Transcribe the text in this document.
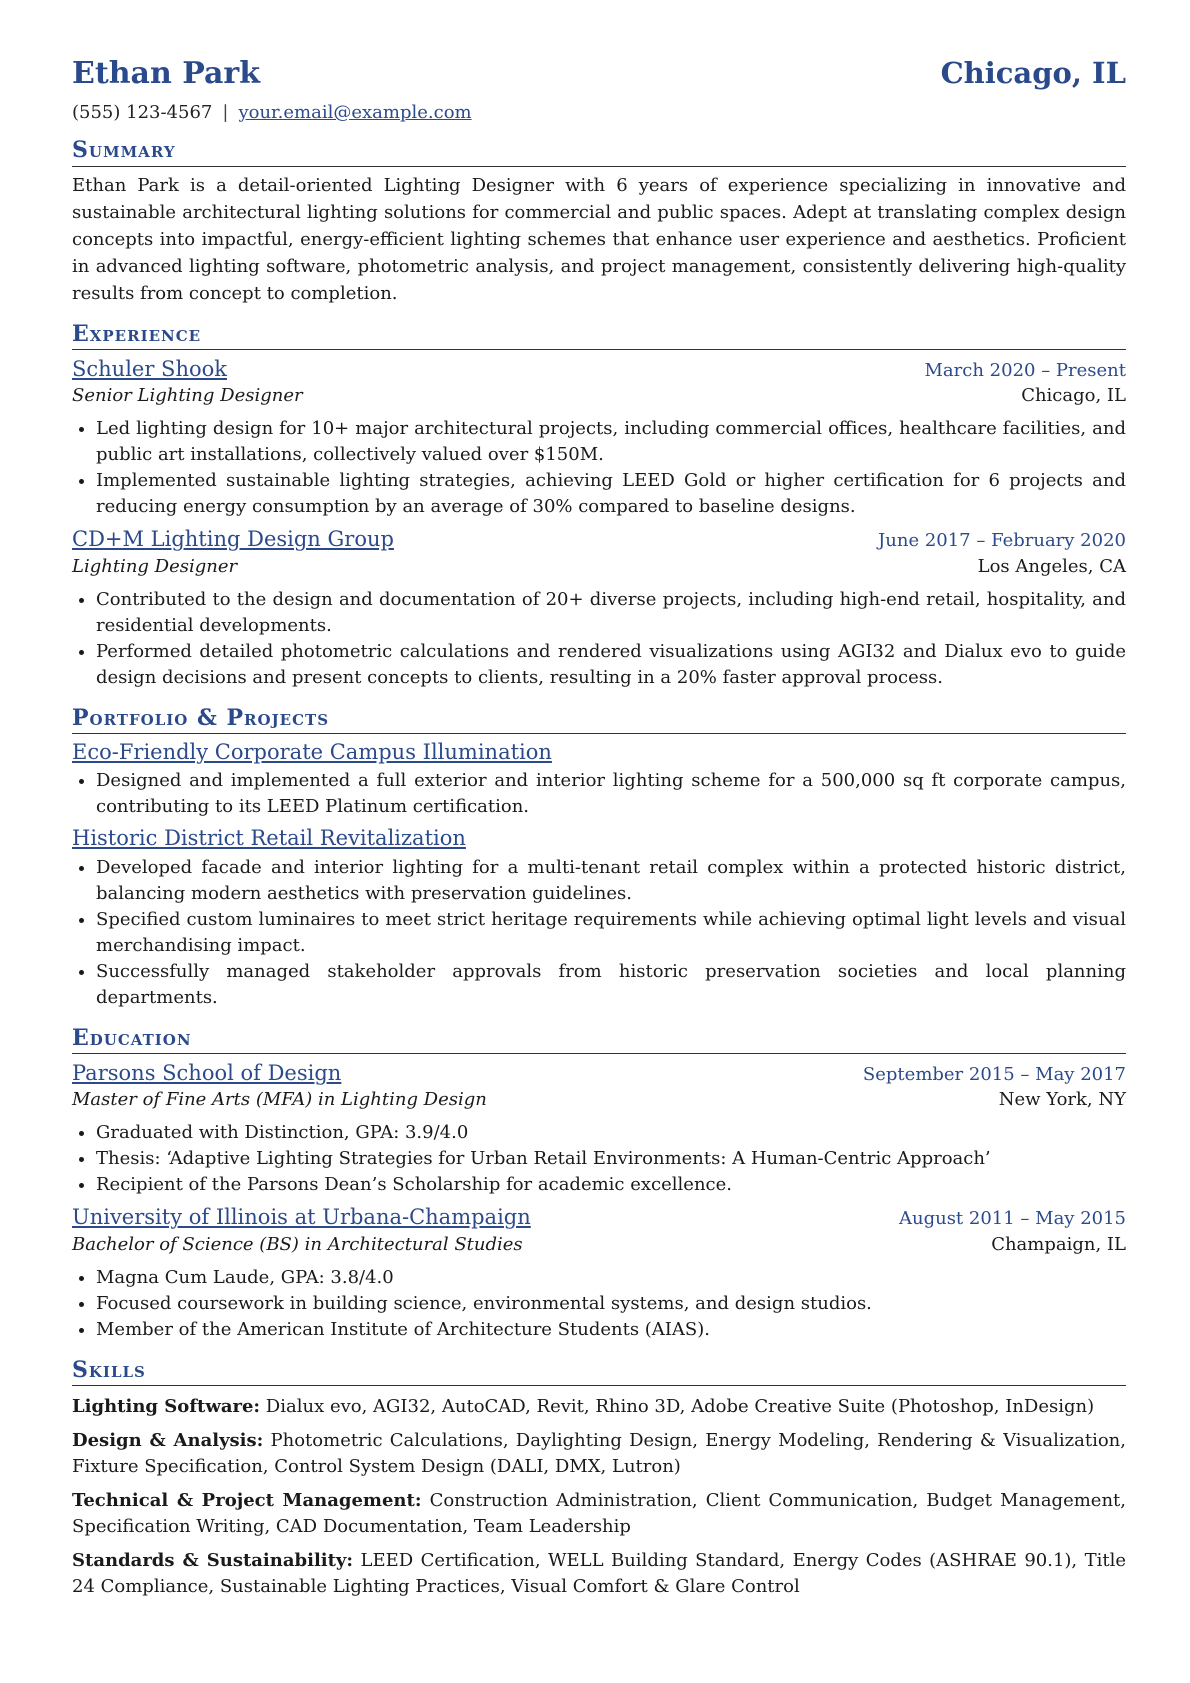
Ethan Park	Chicago, IL
(555) 123-4567 | your.email@example.com
Summary

Ethan Park is a detail-oriented Lighting Designer with 6 years of experience specializing in innovative and sustainable architectural lighting solutions for commercial and public spaces. Adept at translating complex design concepts into impactful, energy-efficient lighting schemes that enhance user experience and aesthetics. Proficient in advanced lighting software, photometric analysis, and project management, consistently delivering high-quality results from concept to completion.

Experience
Schuler Shook	March 2020 – Present
Senior Lighting Designer	Chicago, IL
• Led lighting design for 10+ major architectural projects, including commercial offices, healthcare facilities, and public art installations, collectively valued over $150M.
• Implemented sustainable lighting strategies, achieving LEED Gold or higher certification for 6 projects and reducing energy consumption by an average of 30% compared to baseline designs.
CD+M Lighting Design Group	June 2017 – February 2020
Lighting Designer	Los Angeles, CA
• Contributed to the design and documentation of 20+ diverse projects, including high-end retail, hospitality, and residential developments.
• Performed detailed photometric calculations and rendered visualizations using AGI32 and Dialux evo to guide design decisions and present concepts to clients, resulting in a 20% faster approval process.
Portfolio & Projects
Eco-Friendly Corporate Campus Illumination
• Designed and implemented a full exterior and interior lighting scheme for a 500,000 sq ft corporate campus, contributing to its LEED Platinum certification.
Historic District Retail Revitalization
• Developed facade and interior lighting for a multi-tenant retail complex within a protected historic district, balancing modern aesthetics with preservation guidelines.
• Specified custom luminaires to meet strict heritage requirements while achieving optimal light levels and visual merchandising impact.
• Successfully managed stakeholder approvals from historic preservation societies and local planning departments.
Education
Parsons School of Design	September 2015 – May 2017
Master of Fine Arts (MFA) in Lighting Design	New York, NY
• Graduated with Distinction, GPA: 3.9/4.0
• Thesis: ‘Adaptive Lighting Strategies for Urban Retail Environments: A Human-Centric Approach’
• Recipient of the Parsons Dean’s Scholarship for academic excellence.
University of Illinois at Urbana-Champaign	August 2011 – May 2015
Bachelor of Science (BS) in Architectural Studies	Champaign, IL
• Magna Cum Laude, GPA: 3.8/4.0
• Focused coursework in building science, environmental systems, and design studios.
• Member of the American Institute of Architecture Students (AIAS).
Skills
Lighting Software: Dialux evo, AGI32, AutoCAD, Revit, Rhino 3D, Adobe Creative Suite (Photoshop, InDesign)
Design & Analysis: Photometric Calculations, Daylighting Design, Energy Modeling, Rendering & Visualization, Fixture Specification, Control System Design (DALI, DMX, Lutron)
Technical & Project Management: Construction Administration, Client Communication, Budget Management, Specification Writing, CAD Documentation, Team Leadership
Standards & Sustainability: LEED Certification, WELL Building Standard, Energy Codes (ASHRAE 90.1), Title 24 Compliance, Sustainable Lighting Practices, Visual Comfort & Glare Control
